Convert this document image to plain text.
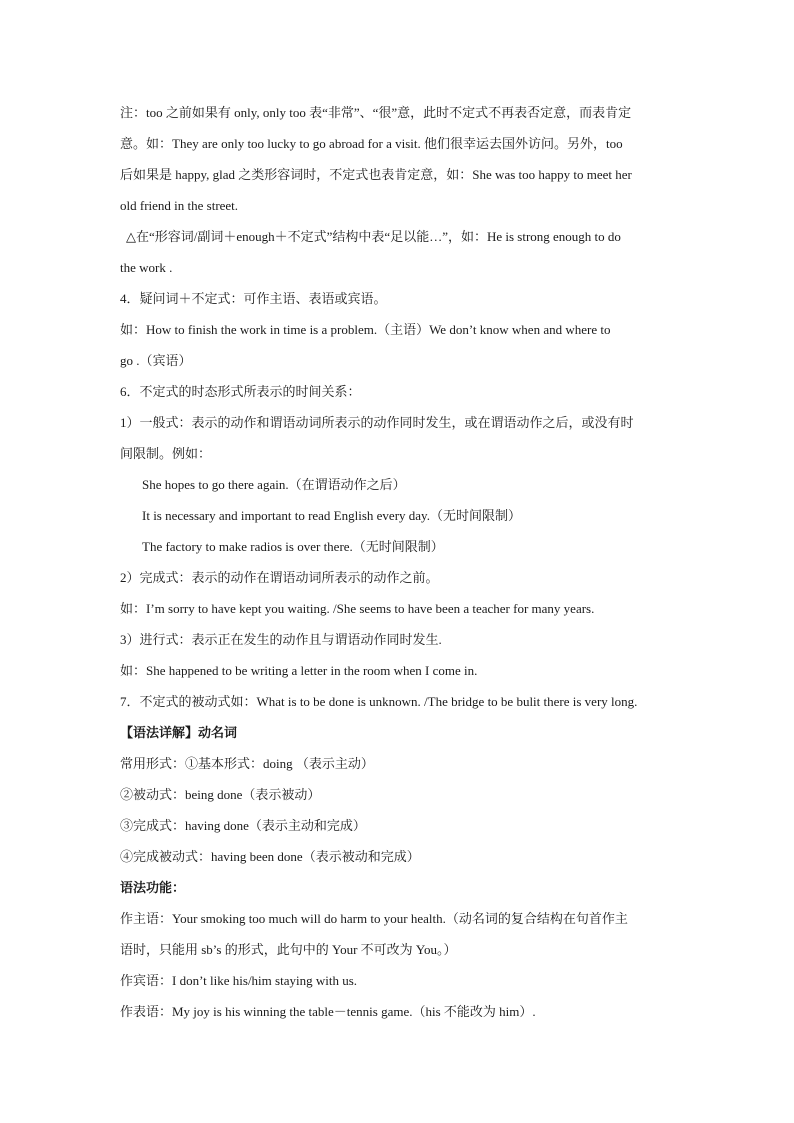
注：too 之前如果有 only, only too 表“非常”、“很”意，此时不定式不再表否定意，而表肯定
意。如：They are only too lucky to go abroad for a visit. 他们很幸运去国外访问。另外，too
后如果是 happy, glad 之类形容词时，不定式也表肯定意，如：She was too happy to meet her
old friend in the street.
△在“形容词/副词＋enough＋不定式”结构中表“足以能…”，如：He is strong enough to do
the work .
4．疑问词＋不定式：可作主语、表语或宾语。
如：How to finish the work in time is a problem.（主语）We don’t know when and where to
go .（宾语）
6．不定式的时态形式所表示的时间关系：
1）一般式：表示的动作和谓语动词所表示的动作同时发生，或在谓语动作之后，或没有时
间限制。例如：
She hopes to go there again.（在谓语动作之后）
It is necessary and important to read English every day.（无时间限制）
The factory to make radios is over there.（无时间限制）
2）完成式：表示的动作在谓语动词所表示的动作之前。
如：I’m sorry to have kept you waiting. /She seems to have been a teacher for many years.
3）进行式：表示正在发生的动作且与谓语动作同时发生.
如：She happened to be writing a letter in the room when I come in.
7．不定式的被动式如：What is to be done is unknown. /The bridge to be bulit there is very long.
【语法详解】动名词
常用形式：①基本形式：doing （表示主动）
②被动式：being done（表示被动）
③完成式：having done（表示主动和完成）
④完成被动式：having been done（表示被动和完成）
语法功能：
作主语：Your smoking too much will do harm to your health.（动名词的复合结构在句首作主
语时，只能用 sb’s 的形式，此句中的 Your 不可改为 You。）
作宾语：I don’t like his/him staying with us.
作表语：My joy is his winning the table－tennis game.（his 不能改为 him）.
